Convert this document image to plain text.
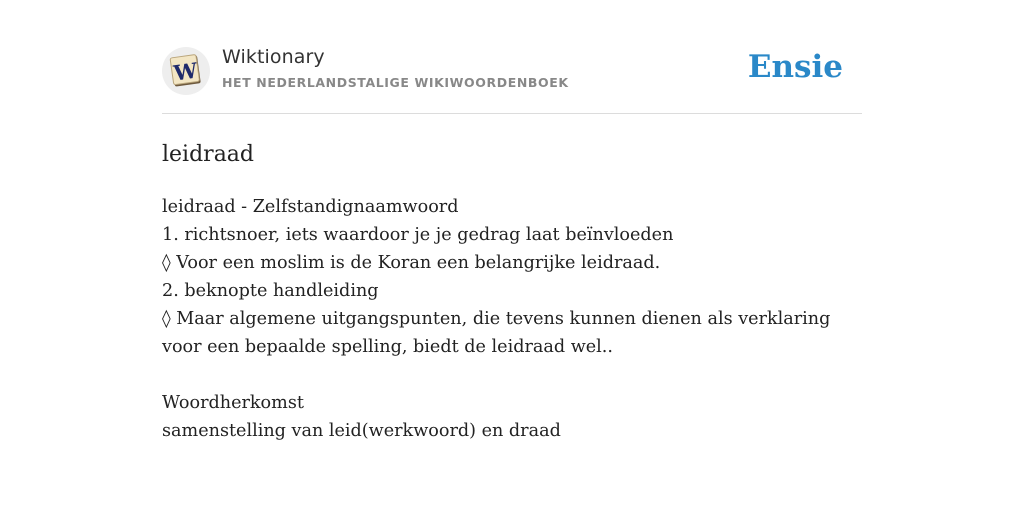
W
Wiktionary
HET NEDERLANDSTALIGE WIKIWOORDENBOEK	Ensie
leidraad
leidraad - Zelfstandignaamwoord
1. richtsnoer, iets waardoor je je gedrag laat beïnvloeden
◊ Voor een moslim is de Koran een belangrijke leidraad.
2. beknopte handleiding
◊ Maar algemene uitgangspunten, die tevens kunnen dienen als verklaring voor een bepaalde spelling, biedt de leidraad wel..
Woordherkomst
samenstelling van leid(werkwoord) en draad
